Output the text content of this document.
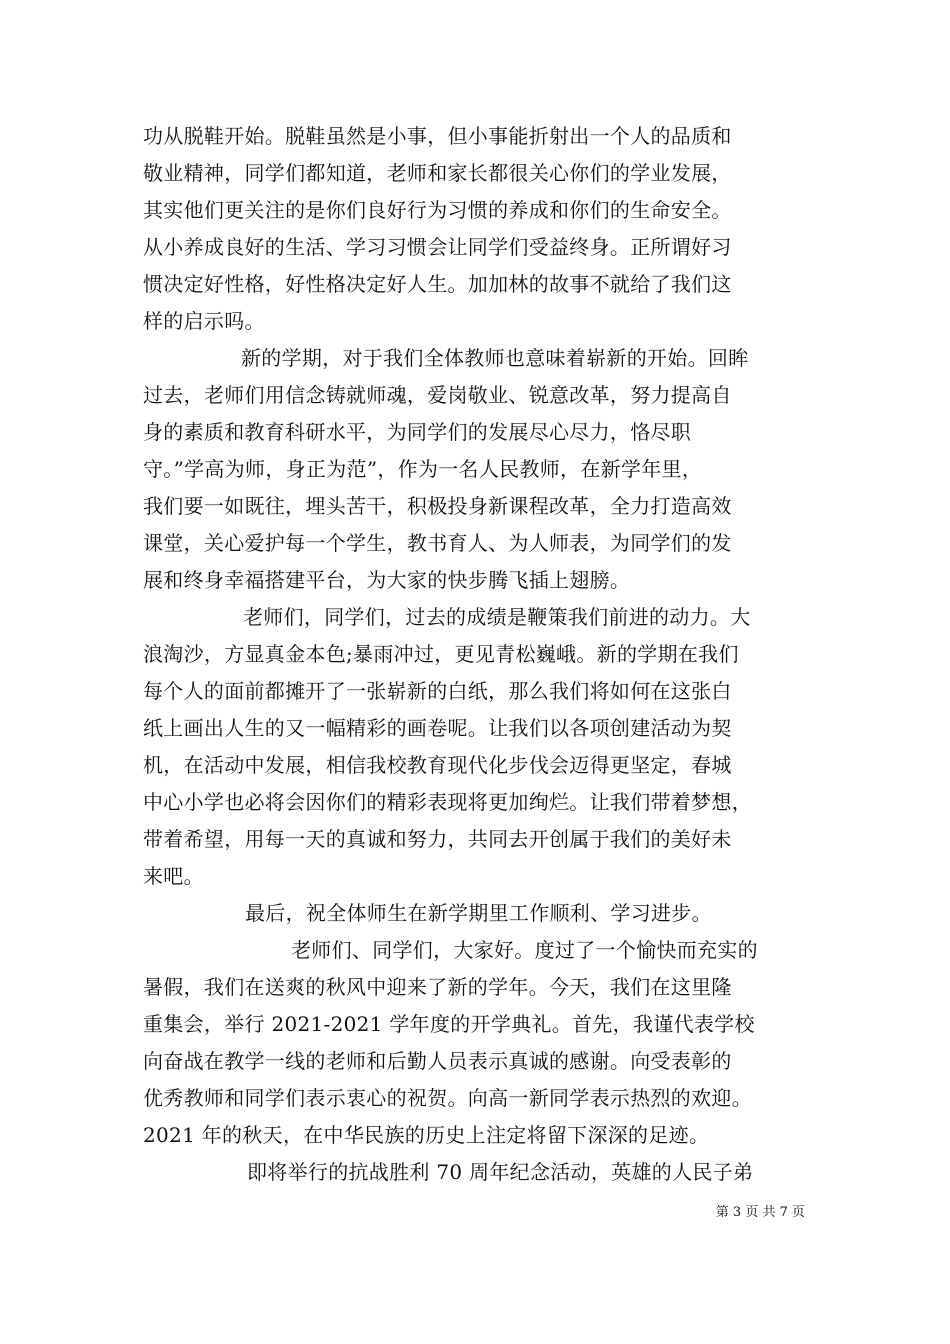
功从脱鞋开始。脱鞋虽然是小事，但小事能折射出一个人的品质和
敬业精神，同学们都知道，老师和家长都很关心你们的学业发展，
其实他们更关注的是你们良好行为习惯的养成和你们的生命安全。
从小养成良好的生活、学习习惯会让同学们受益终身。正所谓好习
惯决定好性格，好性格决定好人生。加加林的故事不就给了我们这
样的启示吗。
新的学期，对于我们全体教师也意味着崭新的开始。回眸
过去，老师们用信念铸就师魂，爱岗敬业、锐意改革，努力提高自
身的素质和教育科研水平，为同学们的发展尽心尽力，恪尽职
守。”学高为师，身正为范”，作为一名人民教师，在新学年里，
我们要一如既往，埋头苦干，积极投身新课程改革，全力打造高效
课堂，关心爱护每一个学生，教书育人、为人师表，为同学们的发
展和终身幸福搭建平台，为大家的快步腾飞插上翅膀。
老师们，同学们，过去的成绩是鞭策我们前进的动力。大
浪淘沙，方显真金本色;暴雨冲过，更见青松巍峨。新的学期在我们
每个人的面前都摊开了一张崭新的白纸，那么我们将如何在这张白
纸上画出人生的又一幅精彩的画卷呢。让我们以各项创建活动为契
机，在活动中发展，相信我校教育现代化步伐会迈得更坚定，春城
中心小学也必将会因你们的精彩表现将更加绚烂。让我们带着梦想，
带着希望，用每一天的真诚和努力，共同去开创属于我们的美好未
来吧。
最后，祝全体师生在新学期里工作顺利、学习进步。
老师们、同学们，大家好。度过了一个愉快而充实的
暑假，我们在送爽的秋风中迎来了新的学年。今天，我们在这里隆
重集会，举行 2021-2021 学年度的开学典礼。首先，我谨代表学校
向奋战在教学一线的老师和后勤人员表示真诚的感谢。向受表彰的
优秀教师和同学们表示衷心的祝贺。向高一新同学表示热烈的欢迎。
2021 年的秋天，在中华民族的历史上注定将留下深深的足迹。
即将举行的抗战胜利 70 周年纪念活动，英雄的人民子弟
第 3 页 共 7 页
